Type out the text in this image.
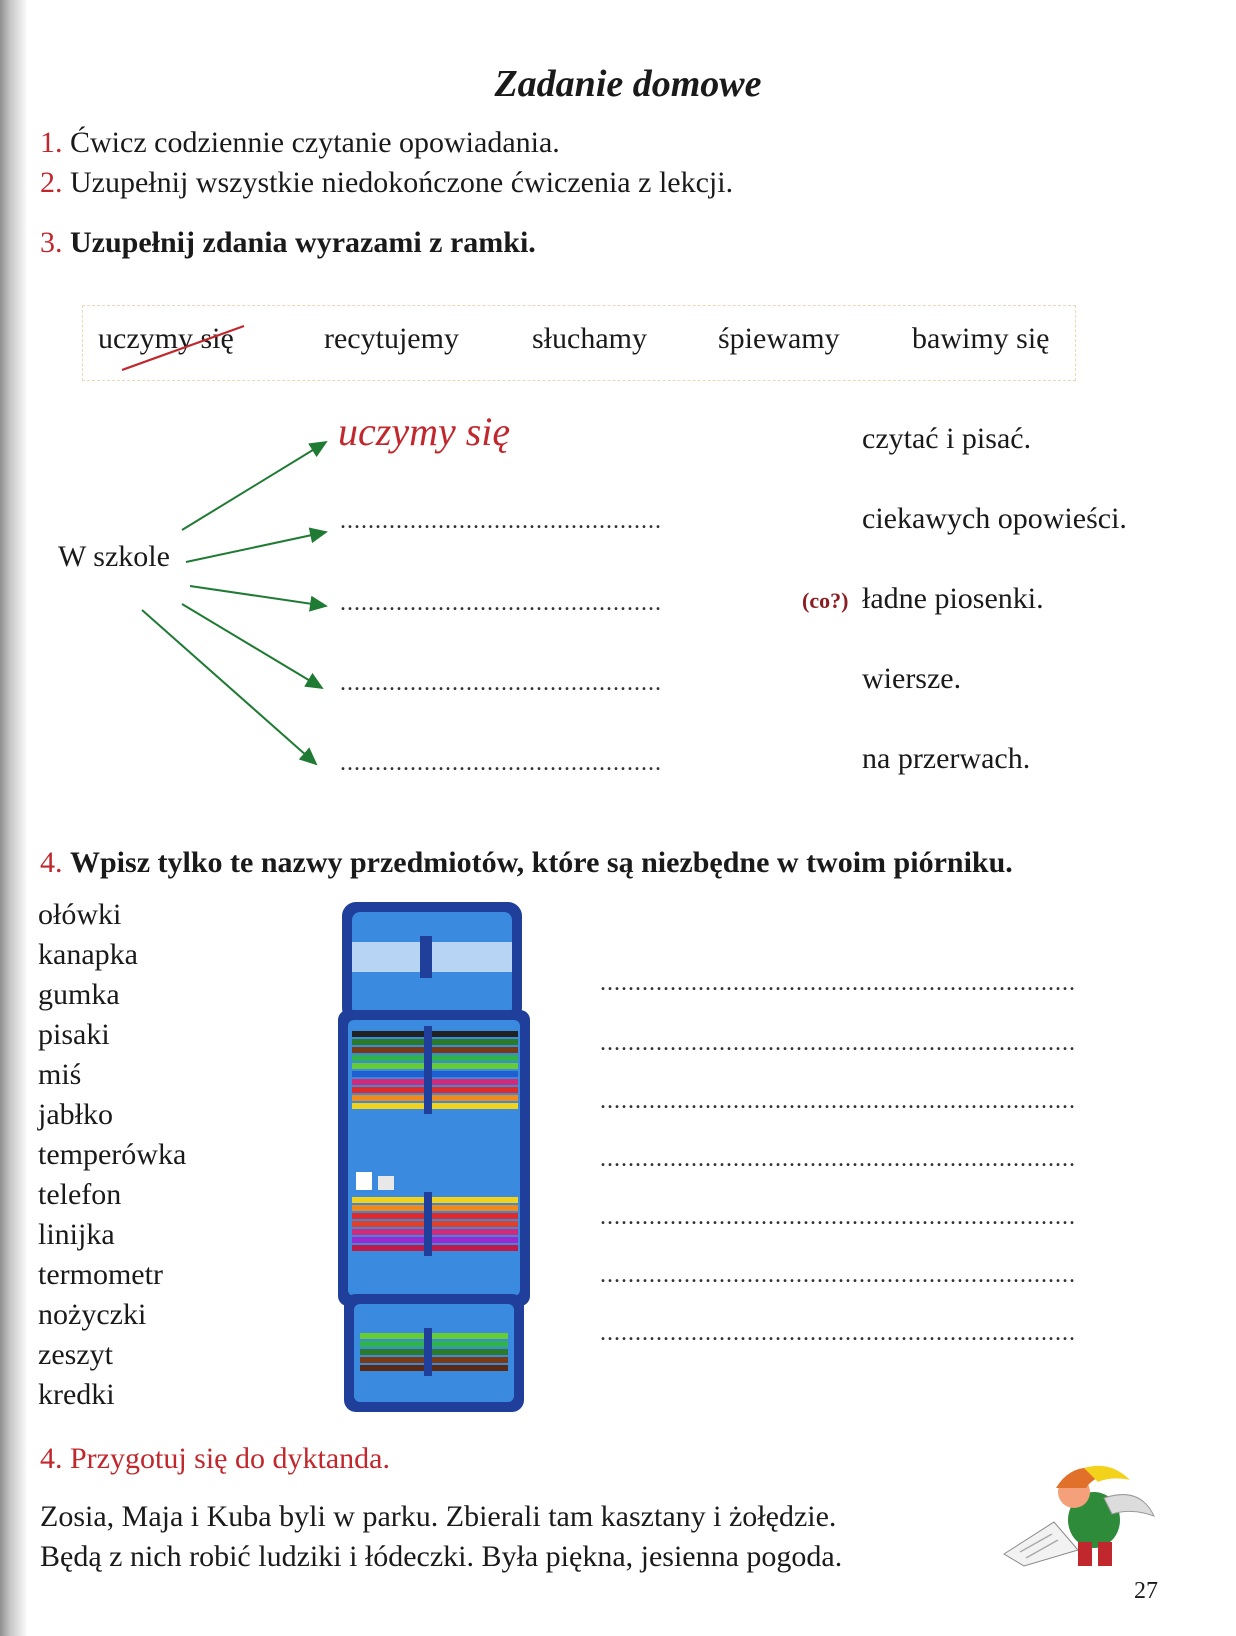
Zadanie domowe
1. Ćwicz codziennie czytanie opowiadania.
2. Uzupełnij wszystkie niedokończone ćwiczenia z lekcji.
3. Uzupełnij zdania wyrazami z ramki.
uczymy się	recytujemy słuchamy śpiewamy bawimy się
W szkole
uczymy się
..............................................
..............................................
..............................................
..............................................
czytać i pisać.
ciekawych opowieści.
(co?) ładne piosenki.
wiersze.
na przerwach.
4. Wpisz tylko te nazwy przedmiotów, które są niezbędne w twoim piórniku.
ołówki
kanapka
gumka
pisaki
miś
jabłko
temperówka
telefon
linijka
termometr
nożyczki
zeszyt
kredki
....................................................................
....................................................................
....................................................................
....................................................................
....................................................................
....................................................................
....................................................................
4. Przygotuj się do dyktanda.
Zosia, Maja i Kuba byli w parku. Zbierali tam kasztany i żołędzie.
Będą z nich robić ludziki i łódeczki. Była piękna, jesienna pogoda.
27
